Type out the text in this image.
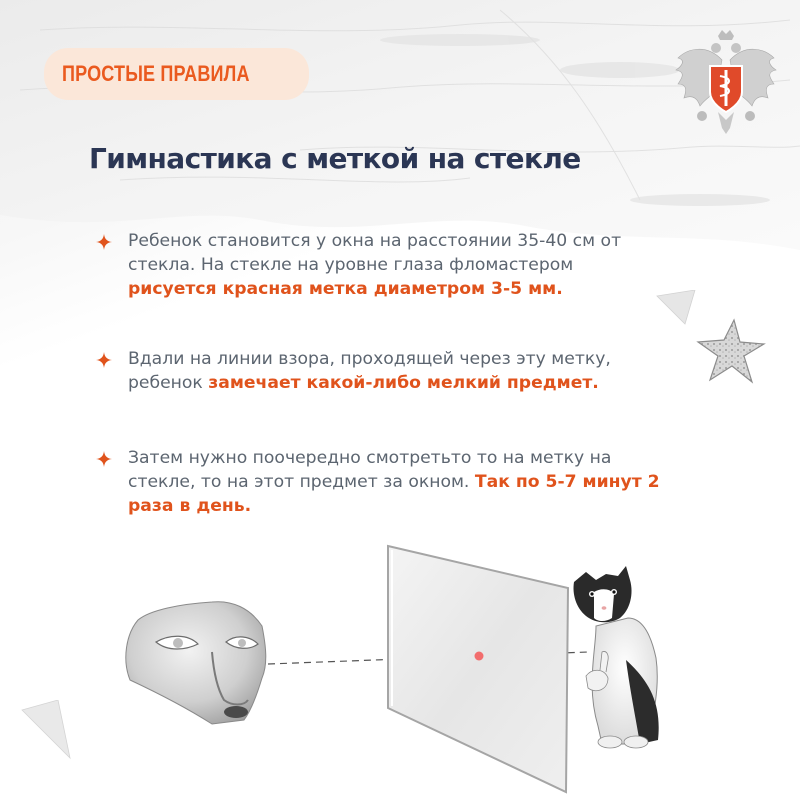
ПРОСТЫЕ ПРАВИЛА
Гимнастика с меткой на стекле

Ребенок становится у окна на расстоянии 35-40 см от стекла. На стекле на уровне глаза фломастером рисуется красная метка диаметром 3-5 мм.

Вдали на линии взора, проходящей через эту метку, ребенок замечает какой-либо мелкий предмет.

Затем нужно поочередно смотретьто то на метку на стекле, то на этот предмет за окном. Так по 5-7 минут 2 раза в день.
